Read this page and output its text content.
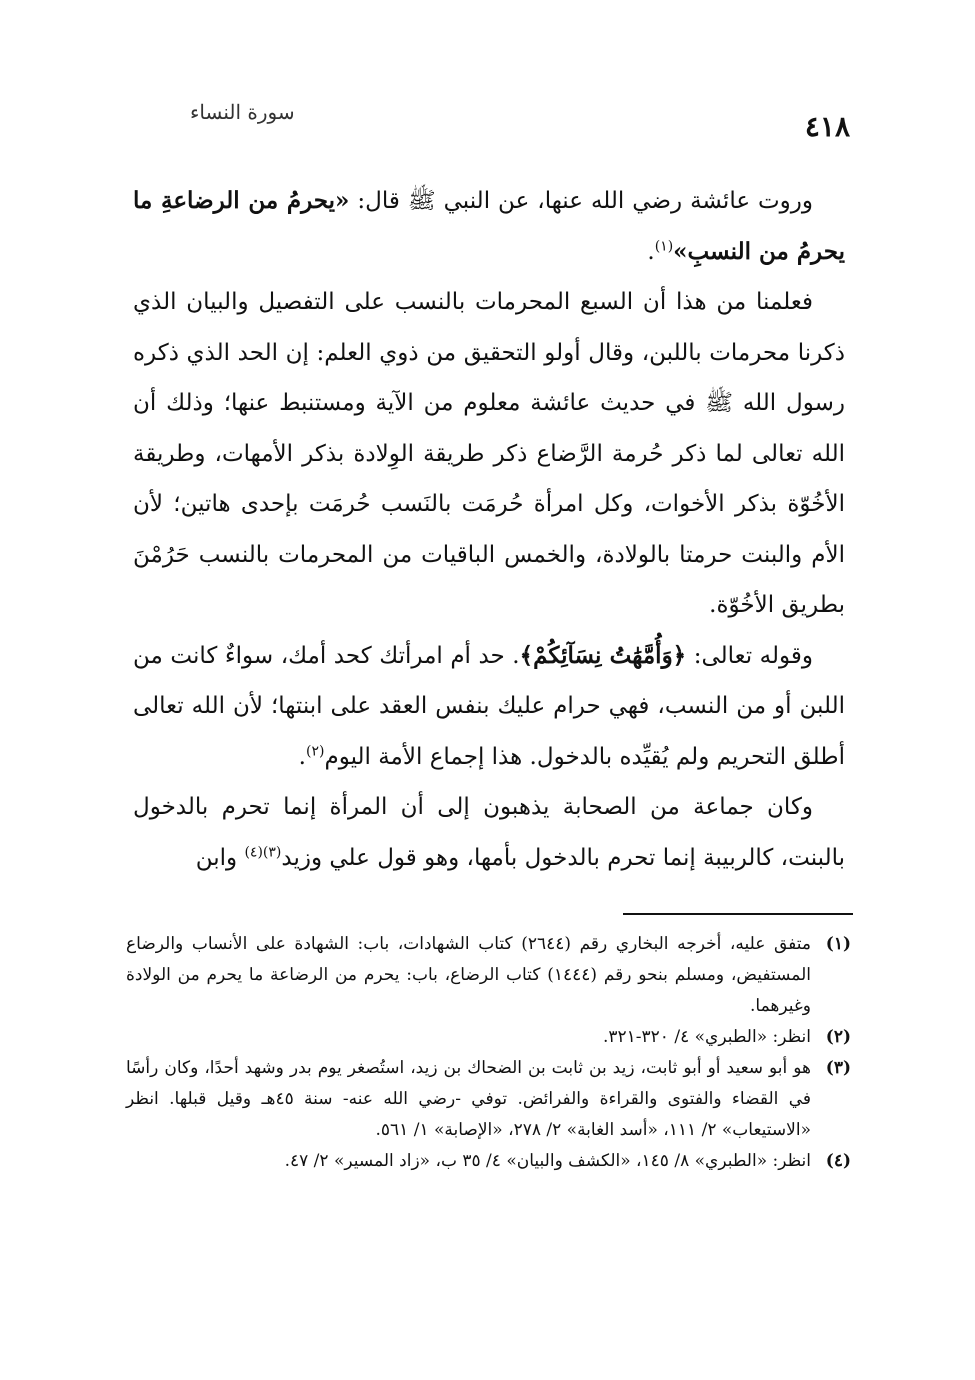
سورة النساء	٤١٨

وروت عائشة رضي الله عنها، عن النبي ﷺ قال: «يحرمُ من الرضاعةِ ما يحرمُ من النسبِ»$^{(١)}$.

فعلمنا من هذا أن السبع المحرمات بالنسب على التفصيل والبيان الذي ذكرنا محرمات باللبن، وقال أولو التحقيق من ذوي العلم: إن الحد الذي ذكره رسول الله ﷺ في حديث عائشة معلوم من الآية ومستنبط عنها؛ وذلك أن الله تعالى لما ذكر حُرمة الرَّضاع ذكر طريقة الوِلادة بذكر الأمهات، وطريقة الأخُوّة بذكر الأخوات، وكل امرأة حُرمَت بالنَسب حُرمَت بإحدى هاتين؛ لأن الأم والبنت حرمتا بالولادة، والخمس الباقيات من المحرمات بالنسب حَرُمْنَ بطريق الأخُوّة.

وقوله تعالى: ﴿وَأُمَّهَٰتُ نِسَآئِكُمْ﴾. حد أم امرأتك كحد أمك، سواءٌ كانت من اللبن أو من النسب، فهي حرام عليك بنفس العقد على ابنتها؛ لأن الله تعالى أطلق التحريم ولم يُقيِّده بالدخول. هذا إجماع الأمة اليوم$^{(٢)}$.

وكان جماعة من الصحابة يذهبون إلى أن المرأة إنما تحرم بالدخول بالبنت، كالربيبة إنما تحرم بالدخول بأمها، وهو قول علي وزيد$^{(٣)(٤)}$ وابن

(١)
متفق عليه، أخرجه البخاري رقم (٢٦٤٤) كتاب الشهادات، باب: الشهادة على الأنساب والرضاع المستفيض، ومسلم بنحو رقم (١٤٤٤) كتاب الرضاع، باب: يحرم من الرضاعة ما يحرم من الولادة وغيرهما.
(٢)
انظر: «الطبري» ٤/ ٣٢٠-٣٢١.
(٣)
هو أبو سعيد أو أبو ثابت، زيد بن ثابت بن الضحاك بن زيد، استُصغر يوم بدر وشهد أحدًا، وكان رأسًا في القضاء والفتوى والقراءة والفرائض. توفي -رضي الله عنه- سنة ٤٥هـ وقيل قبلها. انظر «الاستيعاب» ٢/ ١١١، «أسد الغابة» ٢/ ٢٧٨، «الإصابة» ١/ ٥٦١.
(٤)
انظر: «الطبري» ٨/ ١٤٥، «الكشف والبيان» ٤/ ٣٥ ب، «زاد المسير» ٢/ ٤٧.
